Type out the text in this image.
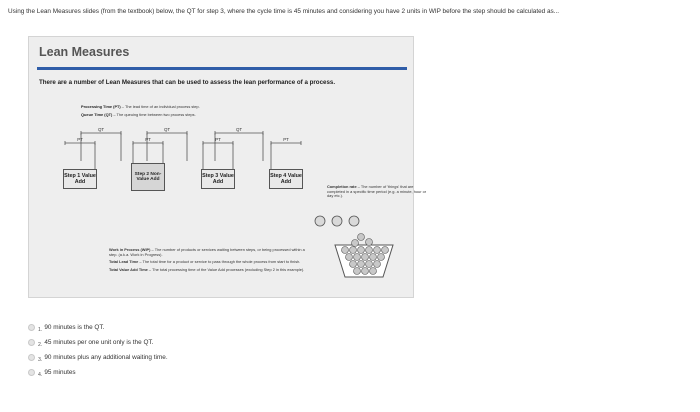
Using the Lean Measures slides (from the textbook) below, the QT for step 3, where the cycle time is 45 minutes and considering you have 2 units in WIP before the step should be calculated as...
Lean Measures
There are a number of Lean Measures that can be used to assess the lean performance of a process.
Processing Time (PT) – The lead time of an individual process step.
Queue Time (QT) – The queuing time between two process steps.
QT	QT	QT
PT	PT	PT	PT
Step 1 Value Add
Step 2 Non-Value Add
Step 3 Value Add
Step 4 Value Add
Completion rate – The number of 'things' that are completed in a specific time period (e.g. a minute, hour or day etc.).

Work in Process (WIP) – The number of products or services waiting between steps, or being processed within a step. (a.k.a. Work in Progress).

Total Lead Time – The total time for a product or service to pass through the whole process from start to finish.

Total Value Add Time – The total processing time of the Value Add processes (excluding Step 2 in this example).

1. 90 minutes is the QT.
2. 45 minutes per one unit only is the QT.
3. 90 minutes plus any additional waiting time.
4. 95 minutes
